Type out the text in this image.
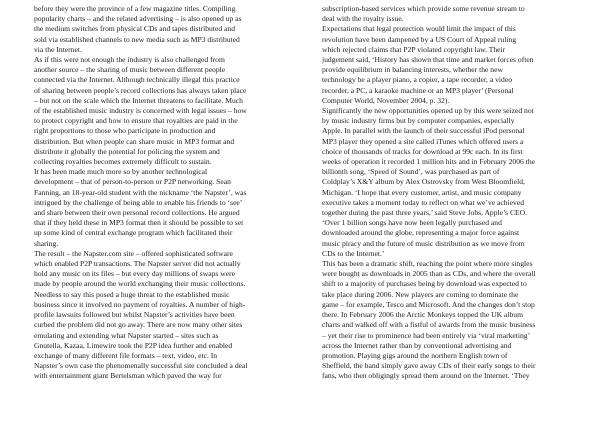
before they were the province of a few magazine titles. Compiling
popularity charts – and the related advertising – is also opened up as
the medium switches from physical CDs and tapes distributed and
sold via established channels to new media such as MP3 distributed
via the Internet.
As if this were not enough the industry is also challenged from
another source – the sharing of music between different people
connected via the Internet. Although technically illegal this practice
of sharing between people’s record collections has always taken place
– but not on the scale which the Internet threatens to facilitate. Much
of the established music industry is concerned with legal issues – how
to protect copyright and how to ensure that royalties are paid in the
right proportions to those who participate in production and
distribution. But when people can share music in MP3 format and
distribute it globally the potential for policing the system and
collecting royalties becomes extremely difficult to sustain.
It has been made much more so by another technological
development – that of person-to-person or P2P networking. Sean
Fanning, an 18-year-old student with the nickname ‘the Napster’, was
intrigued by the challenge of being able to enable his friends to ‘see’
and share between their own personal record collections. He argued
that if they held these in MP3 format then it should be possible to set
up some kind of central exchange program which facilitated their
sharing.
The result – the Napster.com site – offered sophisticated software
which enabled P2P transactions. The Napster server did not actually
hold any music on its files – but every day millions of swaps were
made by people around the world exchanging their music collections.
Needless to say this posed a huge threat to the established music
business since it involved no payment of royalties. A number of high-
profile lawsuits followed but whilst Napster’s activities have been
curbed the problem did not go away. There are now many other sites
emulating and extending what Napster started – sites such as
Gnutella, Kazaa, Limewire took the P2P idea further and enabled
exchange of many different file formats – text, video, etc. In
Napster’s own case the phenomenally successful site concluded a deal
with entertainment giant Bertelsman which paved the way for
subscription-based services which provide some revenue stream to
deal with the royalty issue.
Expectations that legal protection would limit the impact of this
revolution have been dampened by a US Court of Appeal ruling
which rejected claims that P2P violated copyright law. Their
judgement said, ‘History has shown that time and market forces often
provide equilibrium in balancing interests, whether the new
technology be a player piano, a copier, a tape recorder, a video
recorder, a PC, a karaoke machine or an MP3 player’ (Personal
Computer World, November 2004, p. 32).
Significantly the new opportunities opened up by this were seized not
by music industry firms but by computer companies, especially
Apple. In parallel with the launch of their successful iPod personal
MP3 player they opened a site called iTunes which offered users a
choice of thousands of tracks for download at 99c each. In its first
weeks of operation it recorded 1 million hits and in February 2006 the
billionth song, ‘Speed of Sound’, was purchased as part of
Coldplay’s X&Y album by Alex Ostrovsky from West Bloomfield,
Michigan. ‘I hope that every customer, artist, and music company
executive takes a moment today to reflect on what we’ve achieved
together during the past three years,’ said Steve Jobs, Apple’s CEO.
‘Over 1 billion songs have now been legally purchased and
downloaded around the globe, representing a major force against
music piracy and the future of music distribution as we move from
CDs to the Internet.’
This has been a dramatic shift, reaching the point where more singles
were bought as downloads in 2005 than as CDs, and where the overall
shift to a majority of purchases being by download was expected to
take place during 2006. New players are coming to dominate the
game – for example, Tesco and Microsoft. And the changes don’t stop
there. In February 2006 the Arctic Monkeys topped the UK album
charts and walked off with a fistful of awards from the music business
– yet their rise to prominence had been entirely via ‘viral marketing’
across the Internet rather than by conventional advertising and
promotion. Playing gigs around the northern English town of
Sheffield, the band simply gave away CDs of their early songs to their
fans, who then obligingly spread them around on the Internet. ‘They
